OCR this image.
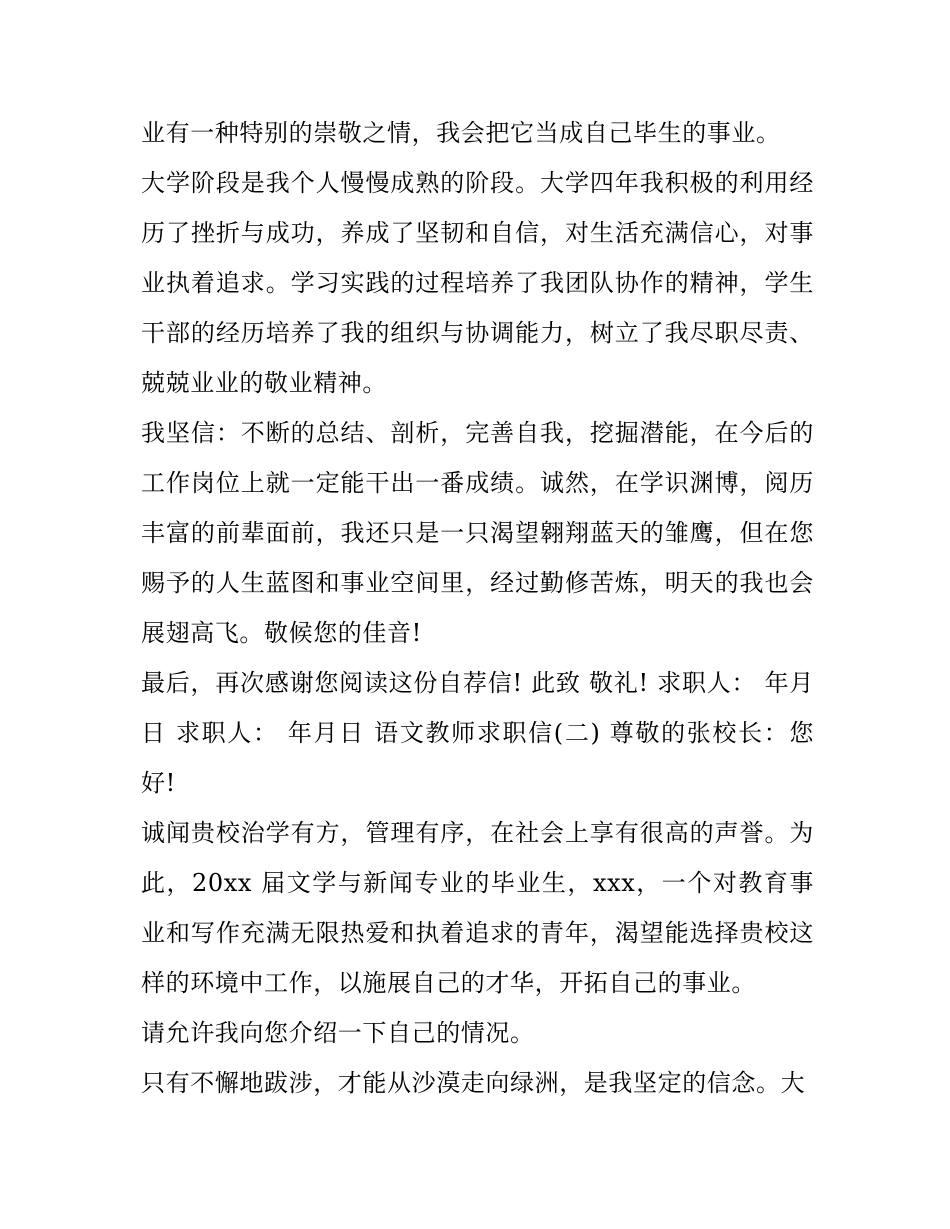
业有一种特别的崇敬之情，我会把它当成自己毕生的事业。

大学阶段是我个人慢慢成熟的阶段。大学四年我积极的利用经历了挫折与成功，养成了坚韧和自信，对生活充满信心，对事业执着追求。学习实践的过程培养了我团队协作的精神，学生干部的经历培养了我的组织与协调能力，树立了我尽职尽责、兢兢业业的敬业精神。

我坚信：不断的总结、剖析，完善自我，挖掘潜能，在今后的工作岗位上就一定能干出一番成绩。诚然，在学识渊博，阅历丰富的前辈面前，我还只是一只渴望翱翔蓝天的雏鹰，但在您赐予的人生蓝图和事业空间里，经过勤修苦炼，明天的我也会展翅高飞。敬候您的佳音!

最后，再次感谢您阅读这份自荐信! 此致 敬礼! 求职人： 年月日 求职人： 年月日 语文教师求职信(二) 尊敬的张校长：您好!

诚闻贵校治学有方，管理有序，在社会上享有很高的声誉。为此，20xx 届文学与新闻专业的毕业生，xxx，一个对教育事业和写作充满无限热爱和执着追求的青年，渴望能选择贵校这样的环境中工作，以施展自己的才华，开拓自己的事业。

请允许我向您介绍一下自己的情况。

只有不懈地跋涉，才能从沙漠走向绿洲，是我坚定的信念。大
